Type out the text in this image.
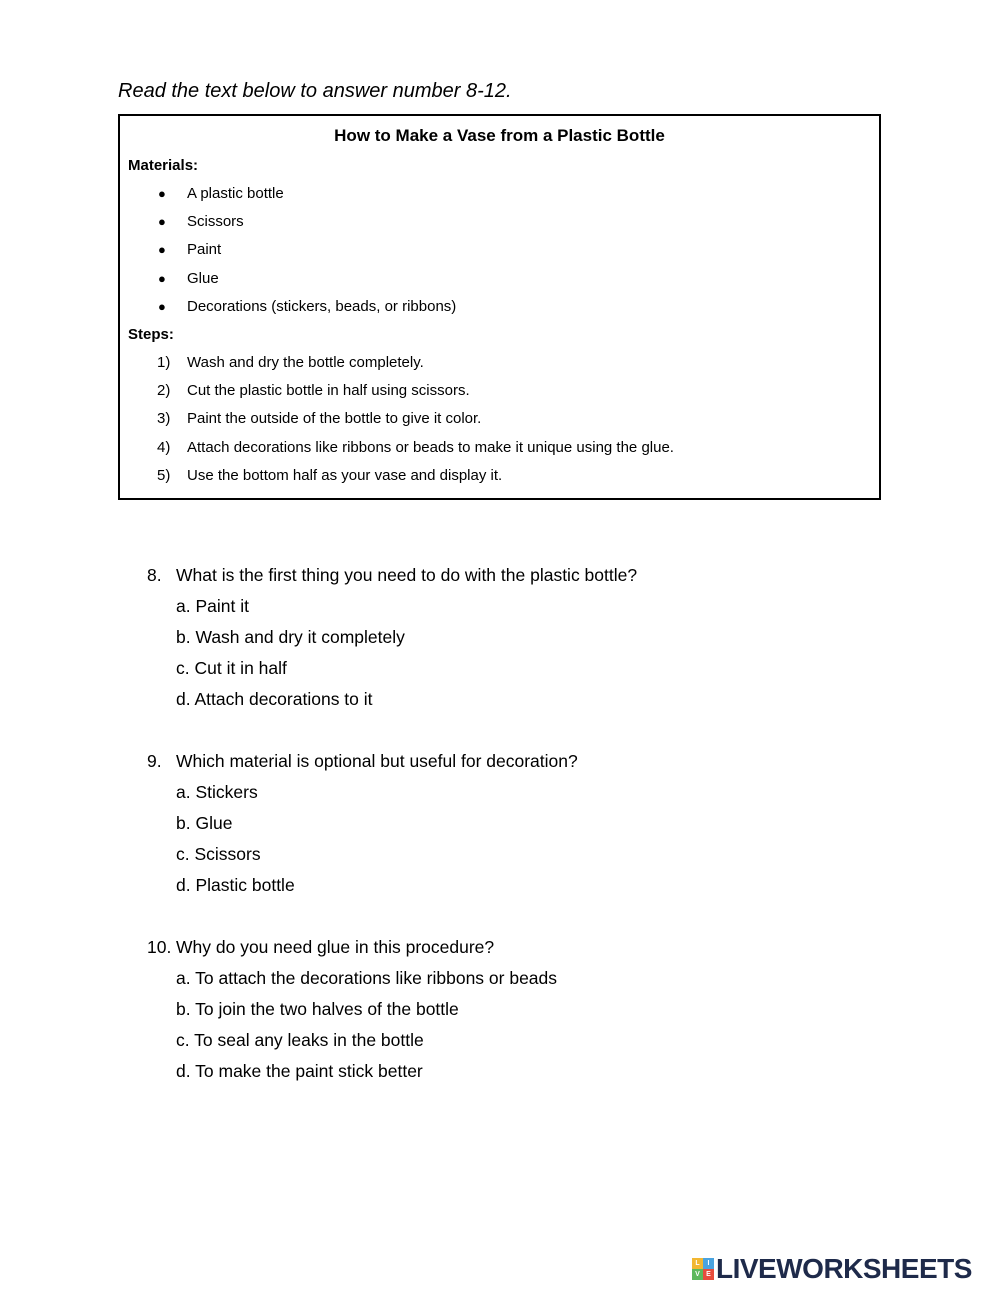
Read the text below to answer number 8-12.

How to Make a Vase from a Plastic Bottle

Materials:

●	A plastic bottle
●	Scissors
●	Paint
●	Glue
●	Decorations (stickers, beads, or ribbons)

Steps:

1)	Wash and dry the bottle completely.
2)	Cut the plastic bottle in half using scissors.
3)	Paint the outside of the bottle to give it color.
4)	Attach decorations like ribbons or beads to make it unique using the glue.
5)	Use the bottom half as your vase and display it.
8. What is the first thing you need to do with the plastic bottle?
a. Paint it
b. Wash and dry it completely
c. Cut it in half
d. Attach decorations to it
9. Which material is optional but useful for decoration?
a. Stickers
b. Glue
c. Scissors
d. Plastic bottle
10. Why do you need glue in this procedure?
a. To attach the decorations like ribbons or beads
b. To join the two halves of the bottle
c. To seal any leaks in the bottle
d. To make the paint stick better
L	I
V E LIVEWORKSHEETS
